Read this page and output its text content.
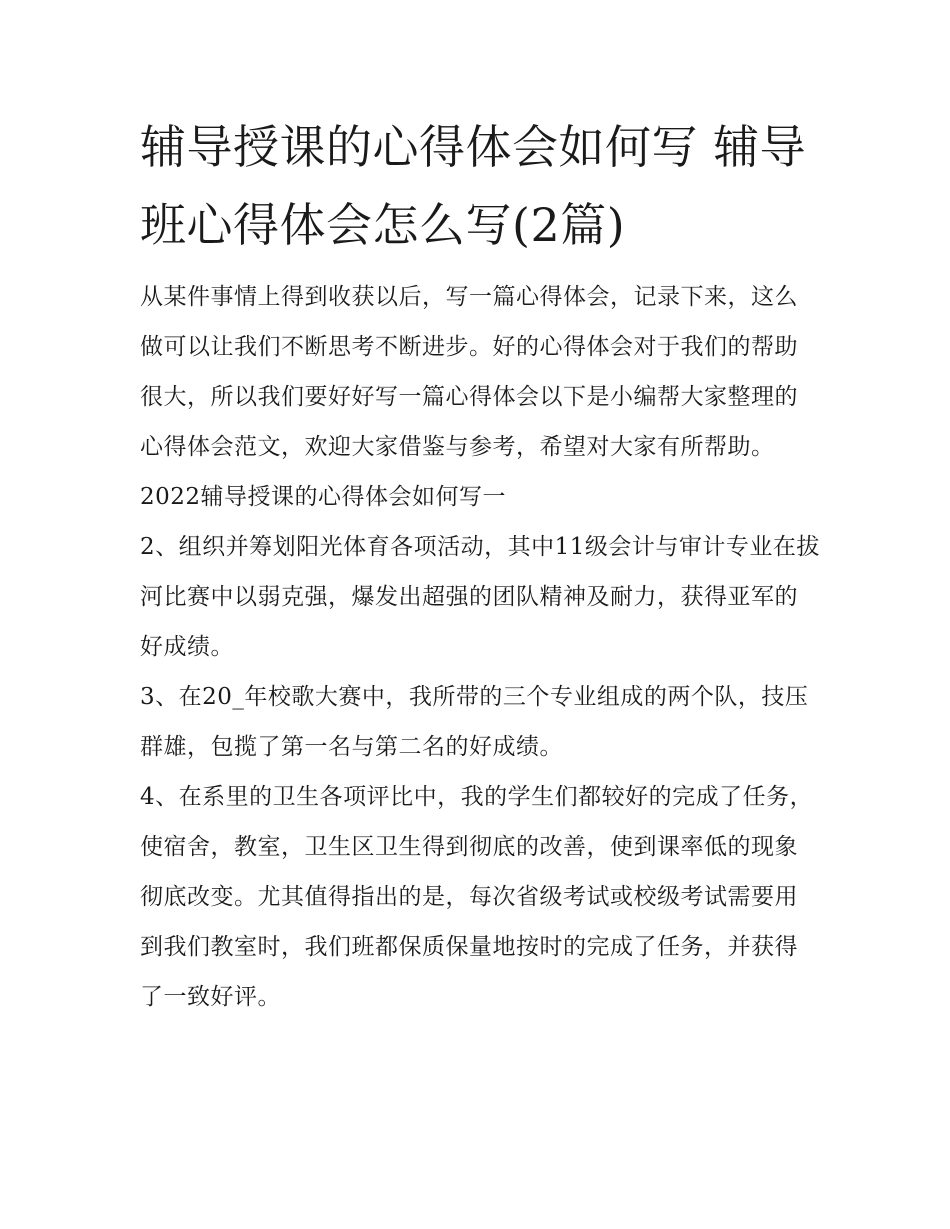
辅导授课的心得体会如何写 辅导班心得体会怎么写(2篇)

从某件事情上得到收获以后，写一篇心得体会，记录下来，这么做可以让我们不断思考不断进步。好的心得体会对于我们的帮助很大，所以我们要好好写一篇心得体会以下是小编帮大家整理的心得体会范文，欢迎大家借鉴与参考，希望对大家有所帮助。

2022辅导授课的心得体会如何写一

2、组织并筹划阳光体育各项活动，其中11级会计与审计专业在拔河比赛中以弱克强，爆发出超强的团队精神及耐力，获得亚军的好成绩。

3、在20_年校歌大赛中，我所带的三个专业组成的两个队，技压群雄，包揽了第一名与第二名的好成绩。

4、在系里的卫生各项评比中，我的学生们都较好的完成了任务，使宿舍，教室，卫生区卫生得到彻底的改善，使到课率低的现象彻底改变。尤其值得指出的是，每次省级考试或校级考试需要用到我们教室时，我们班都保质保量地按时的完成了任务，并获得了一致好评。
